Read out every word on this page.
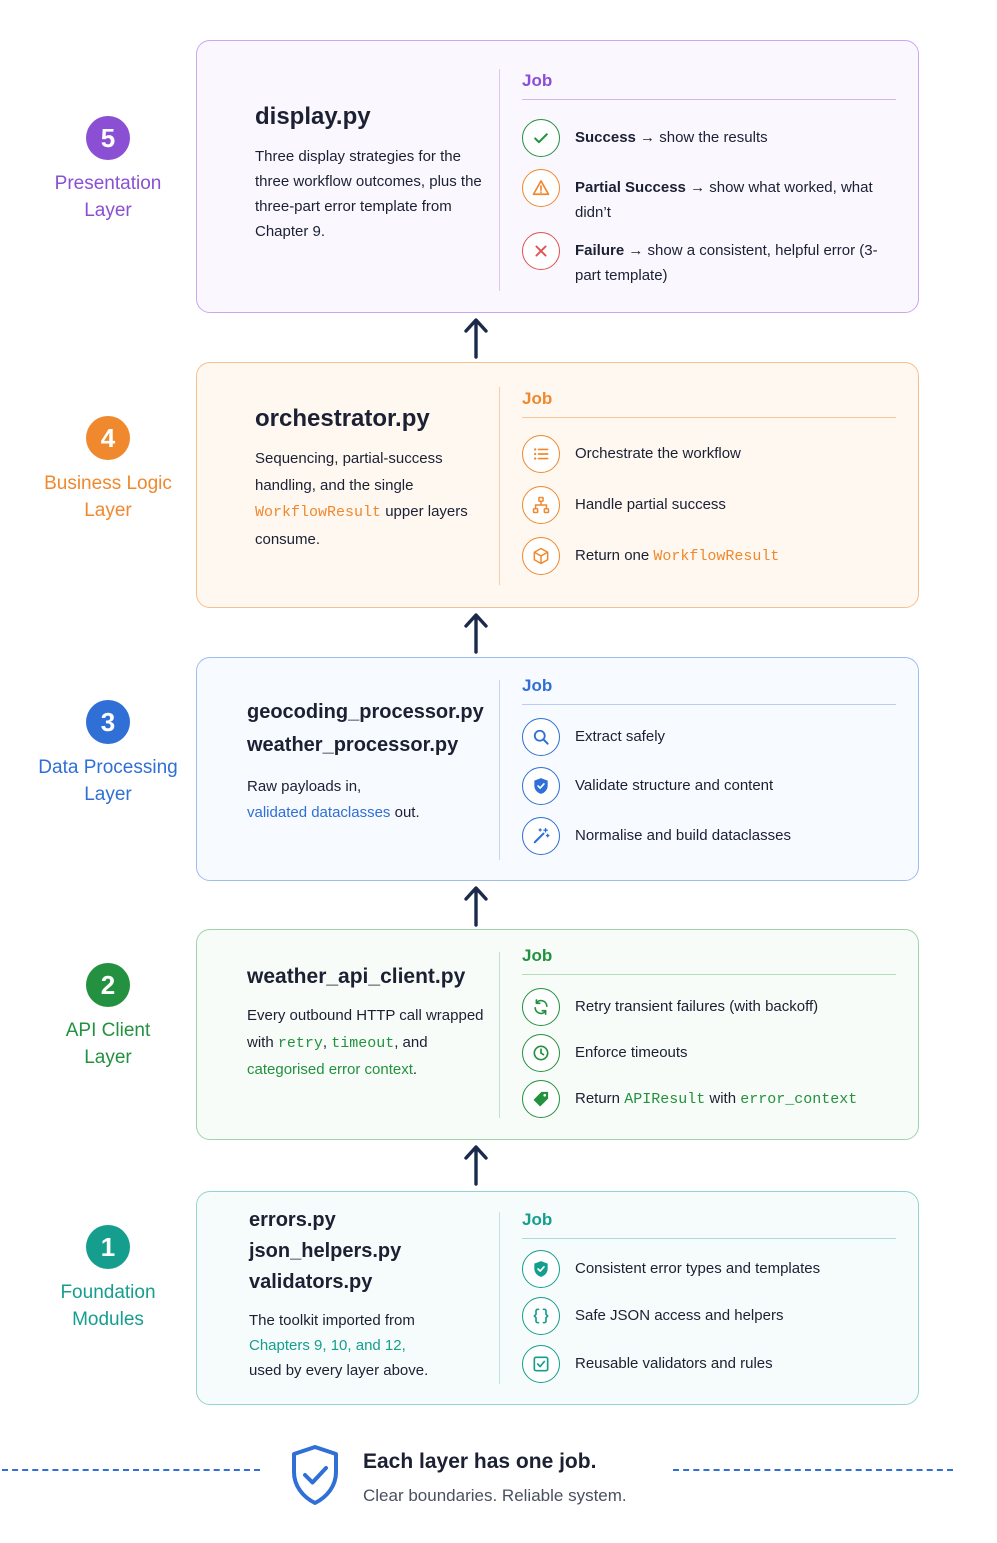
5
Presentation
Layer
display.py
Three display strategies for the three workflow outcomes, plus the three-part error template from Chapter 9.
Job
Success → show the results
Partial Success → show what worked, what didn’t
Failure → show a consistent, helpful error (3-part template)
4
Business Logic
Layer
orchestrator.py
Sequencing, partial-success handling, and the single WorkflowResult upper layers consume.
Job
Orchestrate the workflow
Handle partial success
Return one WorkflowResult
3
Data Processing
Layer
geocoding_processor.py
weather_processor.py
Raw payloads in,
validated dataclasses out.
Job
Extract safely
Validate structure and content
Normalise and build dataclasses
2
API Client
Layer
weather_api_client.py
Every outbound HTTP call wrapped with retry, timeout, and categorised error context.
Job
Retry transient failures (with backoff)
Enforce timeouts
Return APIResult with error_context
1
Foundation
Modules
errors.py
json_helpers.py
validators.py
The toolkit imported from
Chapters 9, 10, and 12,
used by every layer above.
Job
Consistent error types and templates
Safe JSON access and helpers
Reusable validators and rules
Each layer has one job.
Clear boundaries. Reliable system.
